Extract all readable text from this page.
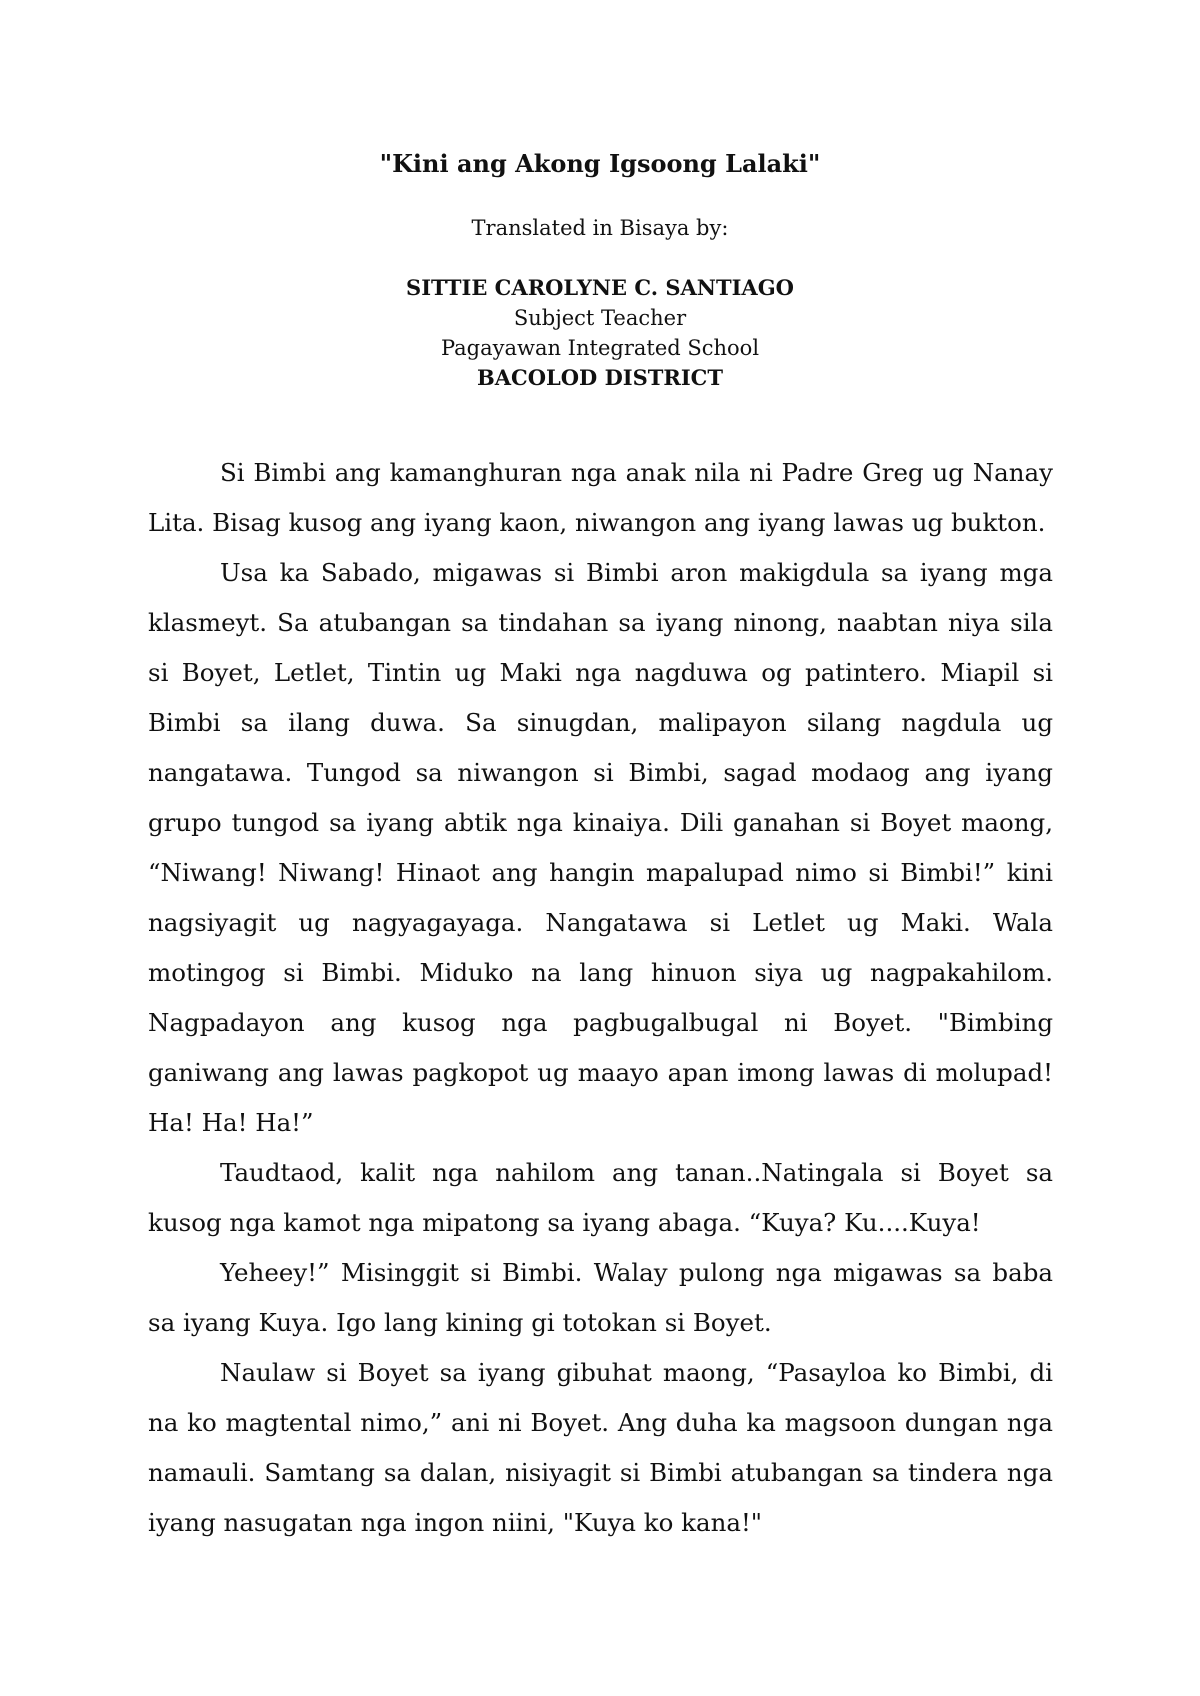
"Kini ang Akong Igsoong Lalaki"
Translated in Bisaya by:
SITTIE CAROLYNE C. SANTIAGO
Subject Teacher
Pagayawan Integrated School
BACOLOD DISTRICT

Si Bimbi ang kamanghuran nga anak nila ni Padre Greg ug Nanay Lita. Bisag kusog ang iyang kaon, niwangon ang iyang lawas ug bukton.

Usa ka Sabado, migawas si Bimbi aron makigdula sa iyang mga klasmeyt. Sa atubangan sa tindahan sa iyang ninong, naabtan niya sila si Boyet, Letlet, Tintin ug Maki nga nagduwa og patintero. Miapil si Bimbi sa ilang duwa. Sa sinugdan, malipayon silang nagdula ug nangatawa. Tungod sa niwangon si Bimbi, sagad modaog ang iyang grupo tungod sa iyang abtik nga kinaiya. Dili ganahan si Boyet maong, “Niwang! Niwang! Hinaot ang hangin mapalupad nimo si Bimbi!” kini nagsiyagit ug nagyagayaga. Nangatawa si Letlet ug Maki. Wala motingog si Bimbi. Miduko na lang hinuon siya ug nagpakahilom. Nagpadayon ang kusog nga pagbugalbugal ni Boyet. "Bimbing ganiwang ang lawas pagkopot ug maayo apan imong lawas di molupad! Ha! Ha! Ha!”

Taudtaod, kalit nga nahilom ang tanan..Natingala si Boyet sa kusog nga kamot nga mipatong sa iyang abaga. “Kuya? Ku....Kuya!

Yeheey!” Misinggit si Bimbi. Walay pulong nga migawas sa baba sa iyang Kuya. Igo lang kining gi totokan si Boyet.

Naulaw si Boyet sa iyang gibuhat maong, “Pasayloa ko Bimbi, di na ko magtental nimo,” ani ni Boyet. Ang duha ka magsoon dungan nga namauli. Samtang sa dalan, nisiyagit si Bimbi atubangan sa tindera nga iyang nasugatan nga ingon niini, "Kuya ko kana!"
